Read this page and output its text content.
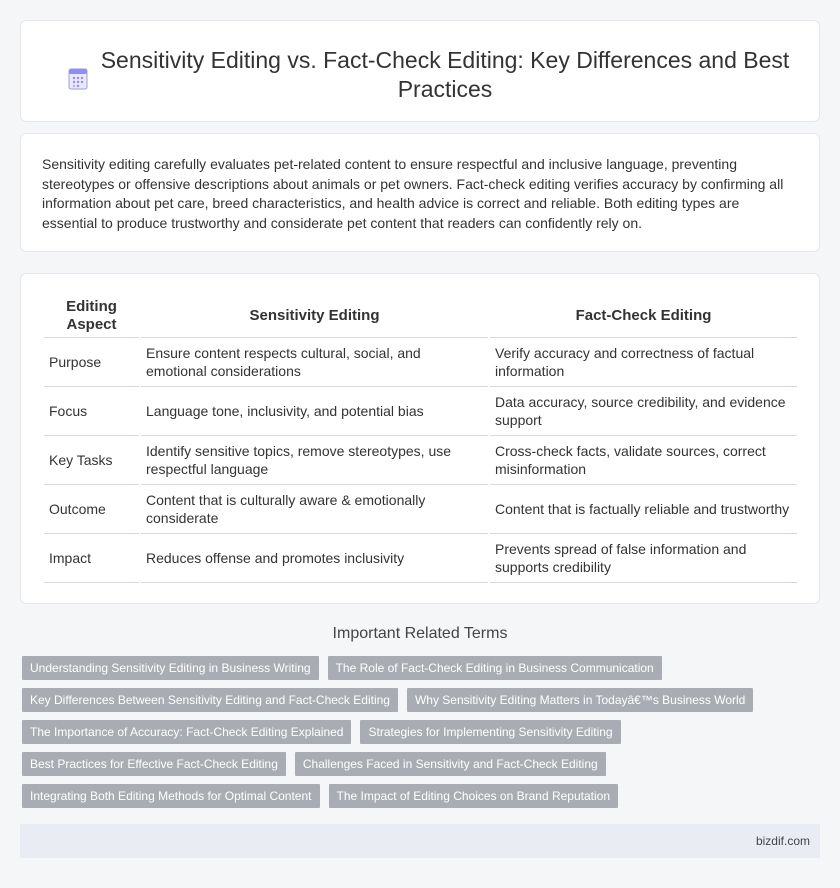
Sensitivity Editing vs. Fact-Check Editing: Key Differences and Best Practices

Sensitivity editing carefully evaluates pet-related content to ensure respectful and inclusive language, preventing stereotypes or offensive descriptions about animals or pet owners. Fact-check editing verifies accuracy by confirming all information about pet care, breed characteristics, and health advice is correct and reliable. Both editing types are essential to produce trustworthy and considerate pet content that readers can confidently rely on.

Editing Aspect	Sensitivity Editing	Fact-Check Editing
Purpose	Ensure content respects cultural, social, and emotional considerations	Verify accuracy and correctness of factual information
Focus	Language tone, inclusivity, and potential bias	Data accuracy, source credibility, and evidence support
Key Tasks	Identify sensitive topics, remove stereotypes, use respectful language	Cross-check facts, validate sources, correct misinformation
Outcome	Content that is culturally aware & emotionally considerate	Content that is factually reliable and trustworthy
Impact	Reduces offense and promotes inclusivity	Prevents spread of false information and supports credibility
Important Related Terms
Understanding Sensitivity Editing in Business Writing	The Role of Fact-Check Editing in Business Communication
Key Differences Between Sensitivity Editing and Fact-Check Editing	Why Sensitivity Editing Matters in Todayâ€™s Business World
The Importance of Accuracy: Fact-Check Editing Explained	Strategies for Implementing Sensitivity Editing
Best Practices for Effective Fact-Check Editing	Challenges Faced in Sensitivity and Fact-Check Editing
Integrating Both Editing Methods for Optimal Content	The Impact of Editing Choices on Brand Reputation
bizdif.com
